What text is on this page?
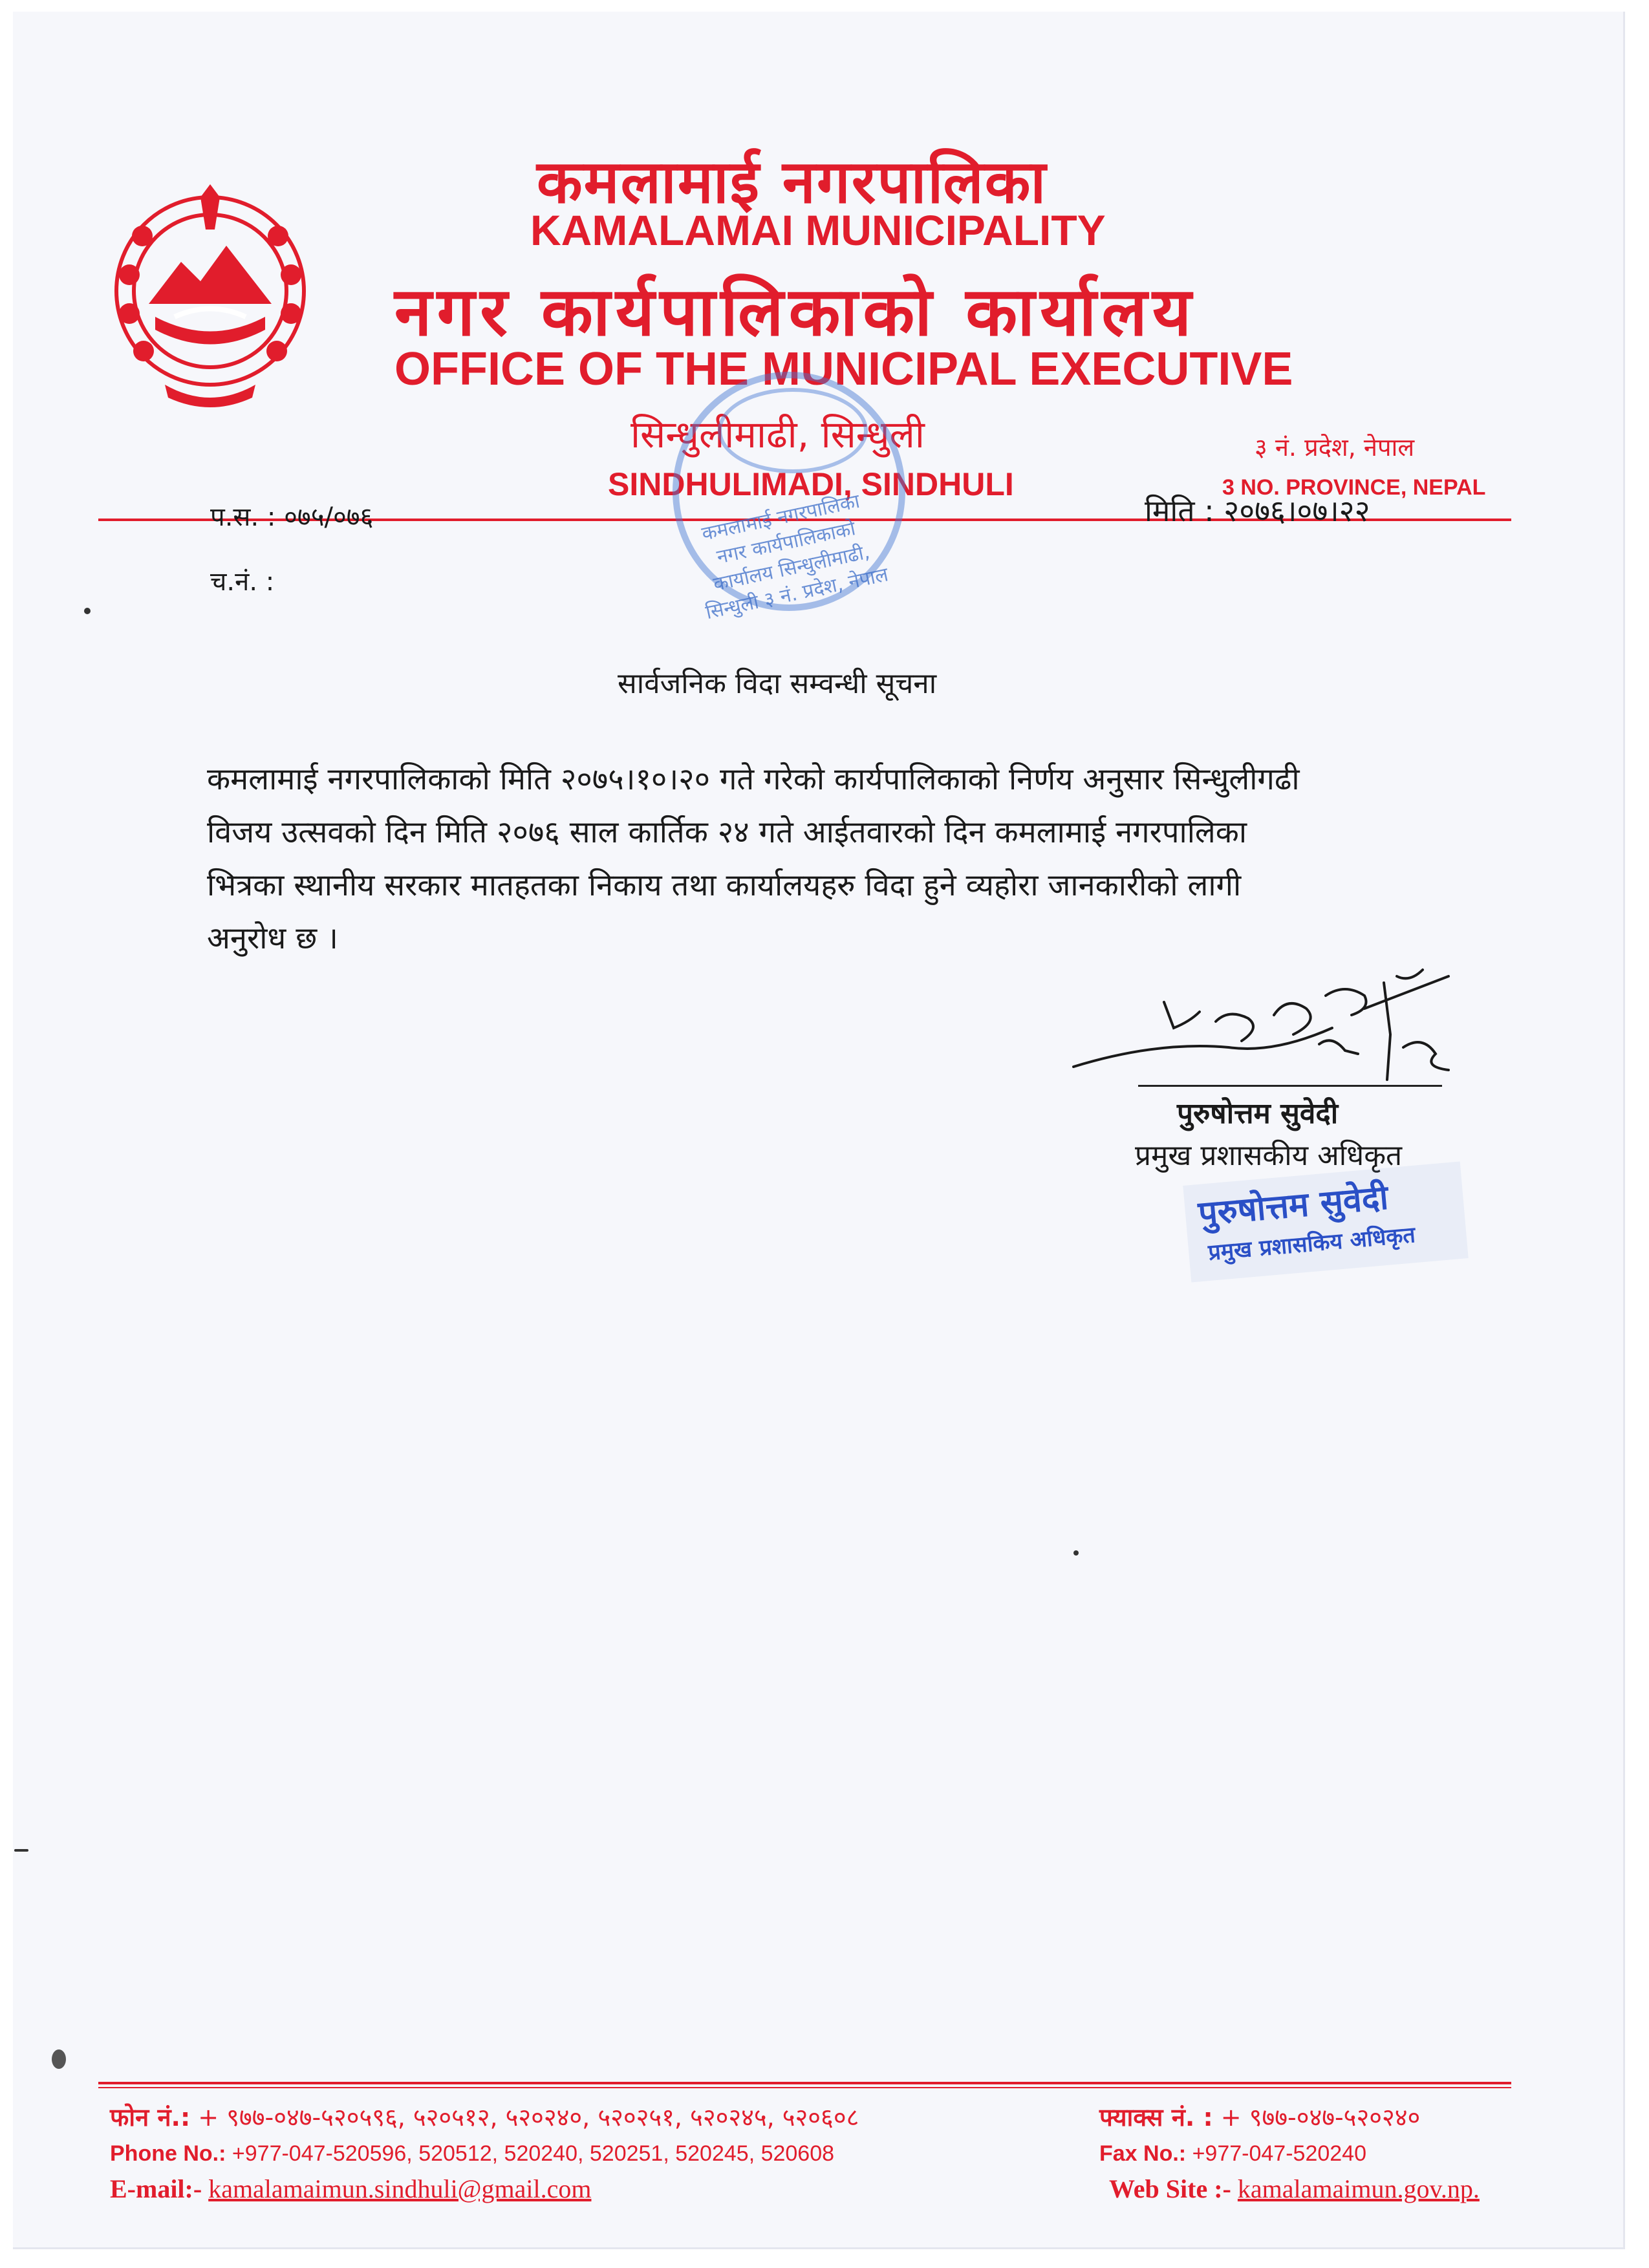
कमलामाई नगरपालिका
KAMALAMAI MUNICIPALITY
नगर कार्यपालिकाको कार्यालय
OFFICE OF THE MUNICIPAL EXECUTIVE
सिन्धुलीमाढी, सिन्धुली
SINDHULIMADI, SINDHULI
३ नं. प्रदेश, नेपाल
3 NO. PROVINCE, NEPAL
प.स. : ०७५/०७६
च.नं. :
मिति : २०७६।०७।२२
कमलामाई नगरपालिका नगर कार्यपालिकाको कार्यालय सिन्धुलीमाढी, सिन्धुली ३ नं. प्रदेश, नेपाल
सार्वजनिक विदा सम्वन्धी सूचना

कमलामाई नगरपालिकाको मिति २०७५।१०।२० गते गरेको कार्यपालिकाको निर्णय अनुसार सिन्धुलीगढी

विजय उत्सवको दिन मिति २०७६ साल कार्तिक २४ गते आईतवारको दिन कमलामाई नगरपालिका

भित्रका स्थानीय सरकार मातहतका निकाय तथा कार्यालयहरु विदा हुने व्यहोरा जानकारीको लागी

अनुरोध छ ।

पुरुषोत्तम सुवेदी
प्रमुख प्रशासकीय अधिकृत
पुरुषोत्तम सुवेदी
प्रमुख प्रशासकिय अधिकृत
फोन नं.: + ९७७-०४७-५२०५९६, ५२०५१२, ५२०२४०, ५२०२५१, ५२०२४५, ५२०६०८	फ्याक्स नं. : + ९७७-०४७-५२०२४०
Phone No.: +977-047-520596, 520512, 520240, 520251, 520245, 520608	Fax No.: +977-047-520240
E-mail:- kamalamaimun.sindhuli@gmail.com	Web Site :- kamalamaimun.gov.np.
